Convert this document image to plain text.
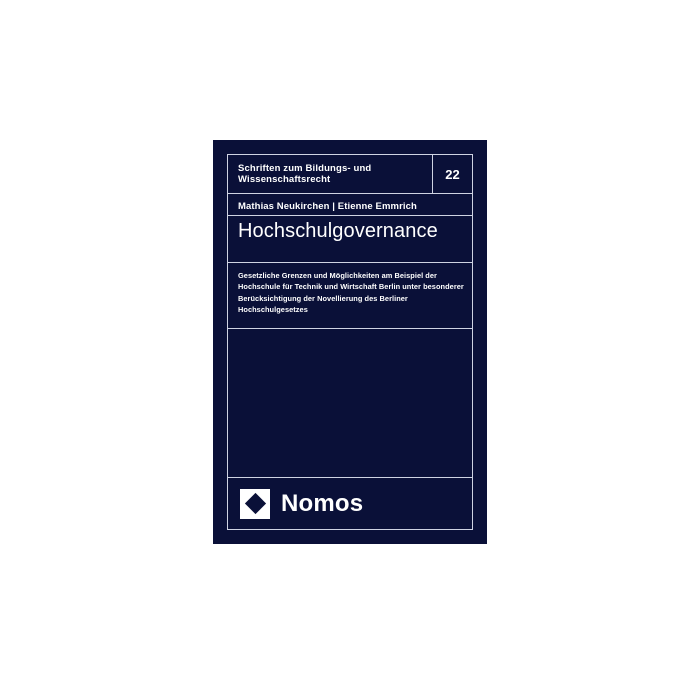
Schriften zum Bildungs- und Wissenschaftsrecht	22
Mathias Neukirchen | Etienne Emmrich
Hochschulgovernance
Gesetzliche Grenzen und Möglichkeiten am Beispiel der Hochschule für Technik und Wirtschaft Berlin unter besonderer Berücksichtigung der Novellierung des Berliner Hochschulgesetzes
Nomos
